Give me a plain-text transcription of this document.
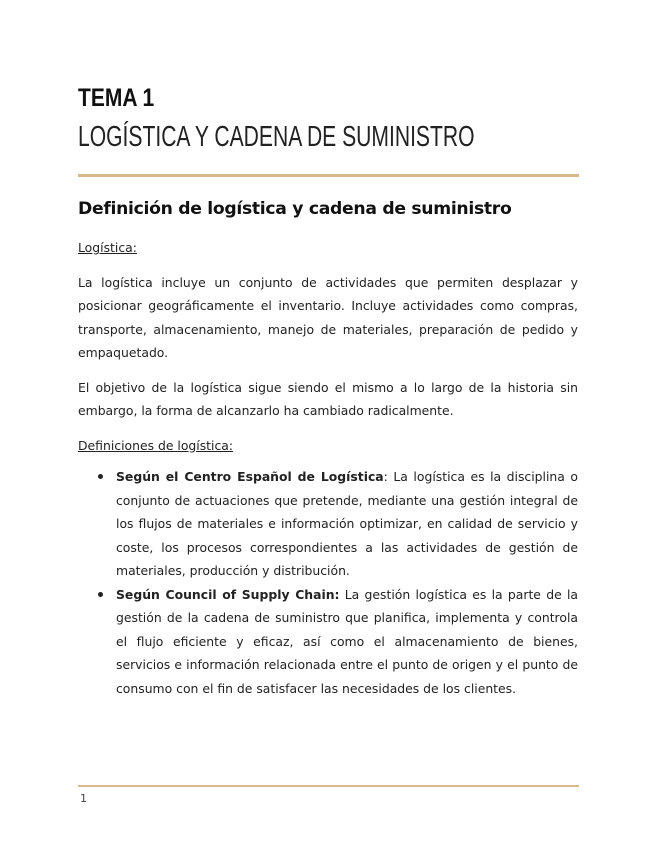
TEMA 1
LOGÍSTICA Y CADENA DE SUMINISTRO
Definición de logística y cadena de suministro

Logística:

La logística incluye un conjunto de actividades que permiten desplazar y posicionar geográficamente el inventario. Incluye actividades como compras, transporte, almacenamiento, manejo de materiales, preparación de pedido y empaquetado.

El objetivo de la logística sigue siendo el mismo a lo largo de la historia sin embargo, la forma de alcanzarlo ha cambiado radicalmente.

Definiciones de logística:

Según el Centro Español de Logística: La logística es la disciplina o conjunto de actuaciones que pretende, mediante una gestión integral de los flujos de materiales e información optimizar, en calidad de servicio y coste, los procesos correspondientes a las actividades de gestión de materiales, producción y distribución.
Según Council of Supply Chain: La gestión logística es la parte de la gestión de la cadena de suministro que planifica, implementa y controla el flujo eficiente y eficaz, así como el almacenamiento de bienes, servicios e información relacionada entre el punto de origen y el punto de consumo con el fin de satisfacer las necesidades de los clientes.
1
